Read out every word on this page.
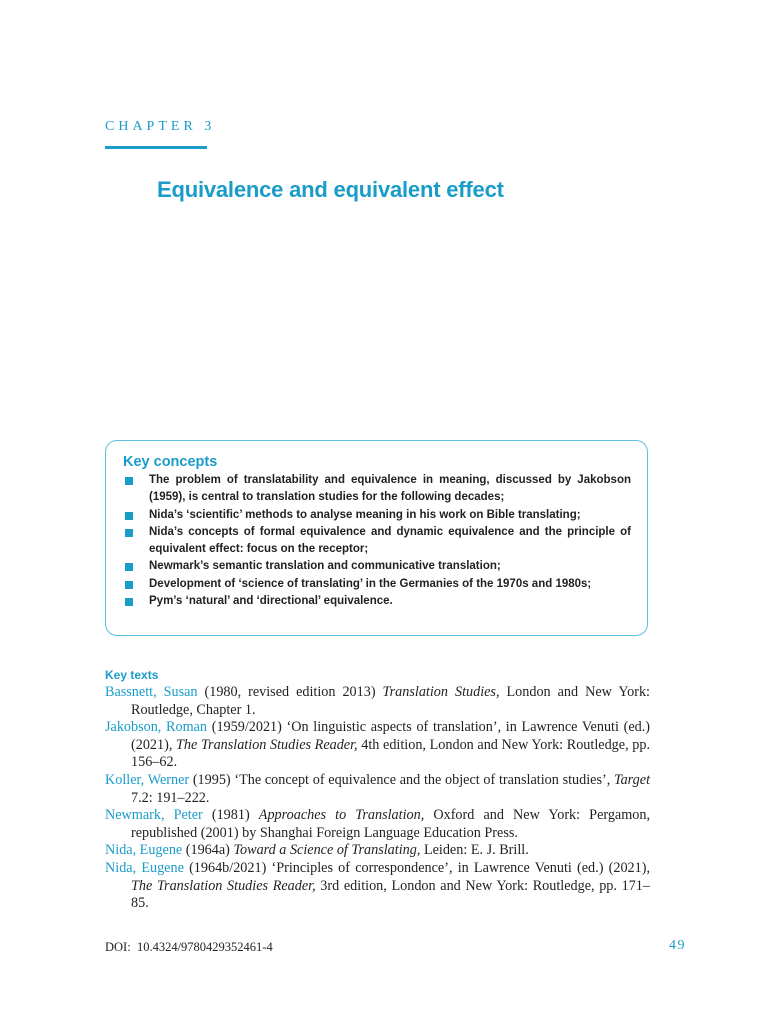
CHAPTER 3
Equivalence and equivalent effect
Key concepts
The problem of translatability and equivalence in meaning, discussed by Jakobson (1959), is central to translation studies for the following decades;
Nida’s ‘scientific’ methods to analyse meaning in his work on Bible translating;
Nida’s concepts of formal equivalence and dynamic equivalence and the principle of equivalent effect: focus on the receptor;
Newmark’s semantic translation and communicative translation;
Development of ‘science of translating’ in the Germanies of the 1970s and 1980s;
Pym’s ‘natural’ and ‘directional’ equivalence.
Key texts
Bassnett, Susan (1980, revised edition 2013) Translation Studies, London and New York: Routledge, Chapter 1.
Jakobson, Roman (1959/2021) ‘On linguistic aspects of translation’, in Lawrence Venuti (ed.) (2021), The Translation Studies Reader, 4th edition, London and New York: Routledge, pp. 156–62.
Koller, Werner (1995) ‘The concept of equivalence and the object of translation studies’, Target 7.2: 191–222.
Newmark, Peter (1981) Approaches to Translation, Oxford and New York: Pergamon, republished (2001) by Shanghai Foreign Language Education Press.
Nida, Eugene (1964a) Toward a Science of Translating, Leiden: E. J. Brill.
Nida, Eugene (1964b/2021) ‘Principles of correspondence’, in Lawrence Venuti (ed.) (2021), The Translation Studies Reader, 3rd edition, London and New York: Routledge, pp. 171–85.
DOI:  10.4324/9780429352461-4	49
